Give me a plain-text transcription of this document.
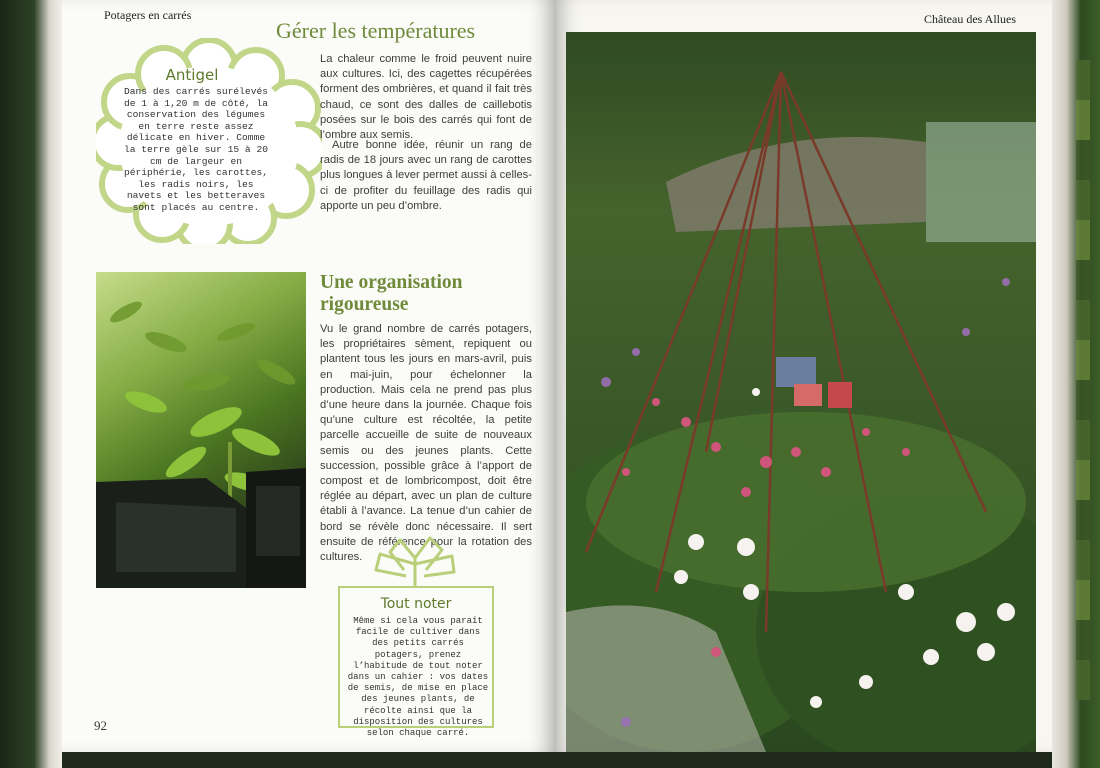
Potagers en carrés
Antigel
Dans des carrés surélevés de 1 à 1,20 m de côté, la conservation des légumes en terre reste assez délicate en hiver. Comme la terre gèle sur 15 à 20 cm de largeur en périphérie, les carottes, les radis noirs, les navets et les betteraves sont placés au centre.
Gérer les températures

La chaleur comme le froid peuvent nuire aux cultures. Ici, des cagettes récupérées forment des ombrières, et quand il fait très chaud, ce sont des dalles de caillebotis posées sur le bois des carrés qui font de l’ombre aux semis.

Autre bonne idée, réunir un rang de radis de 18 jours avec un rang de carottes plus longues à lever permet aussi à celles-ci de profiter du feuillage des radis qui apporte un peu d’ombre.

Une organisation rigoureuse

Vu le grand nombre de carrés potagers, les propriétaires sèment, repiquent ou plantent tous les jours en mars-avril, puis en mai-juin, pour échelonner la production. Mais cela ne prend pas plus d’une heure dans la journée. Chaque fois qu’une culture est récoltée, la petite parcelle accueille de suite de nouveaux semis ou des jeunes plants. Cette succession, possible grâce à l’apport de compost et de lombricompost, doit être réglée au départ, avec un plan de culture établi à l’avance. La tenue d’un cahier de bord se révèle donc nécessaire. Il sert ensuite de référence pour la rotation des cultures.

Tout noter
Même si cela vous paraît facile de cultiver dans des petits carrés potagers, prenez l’habitude de tout noter dans un cahier : vos dates de semis, de mise en place des jeunes plants, de récolte ainsi que la disposition des cultures selon chaque carré.
92
Château des Allues
